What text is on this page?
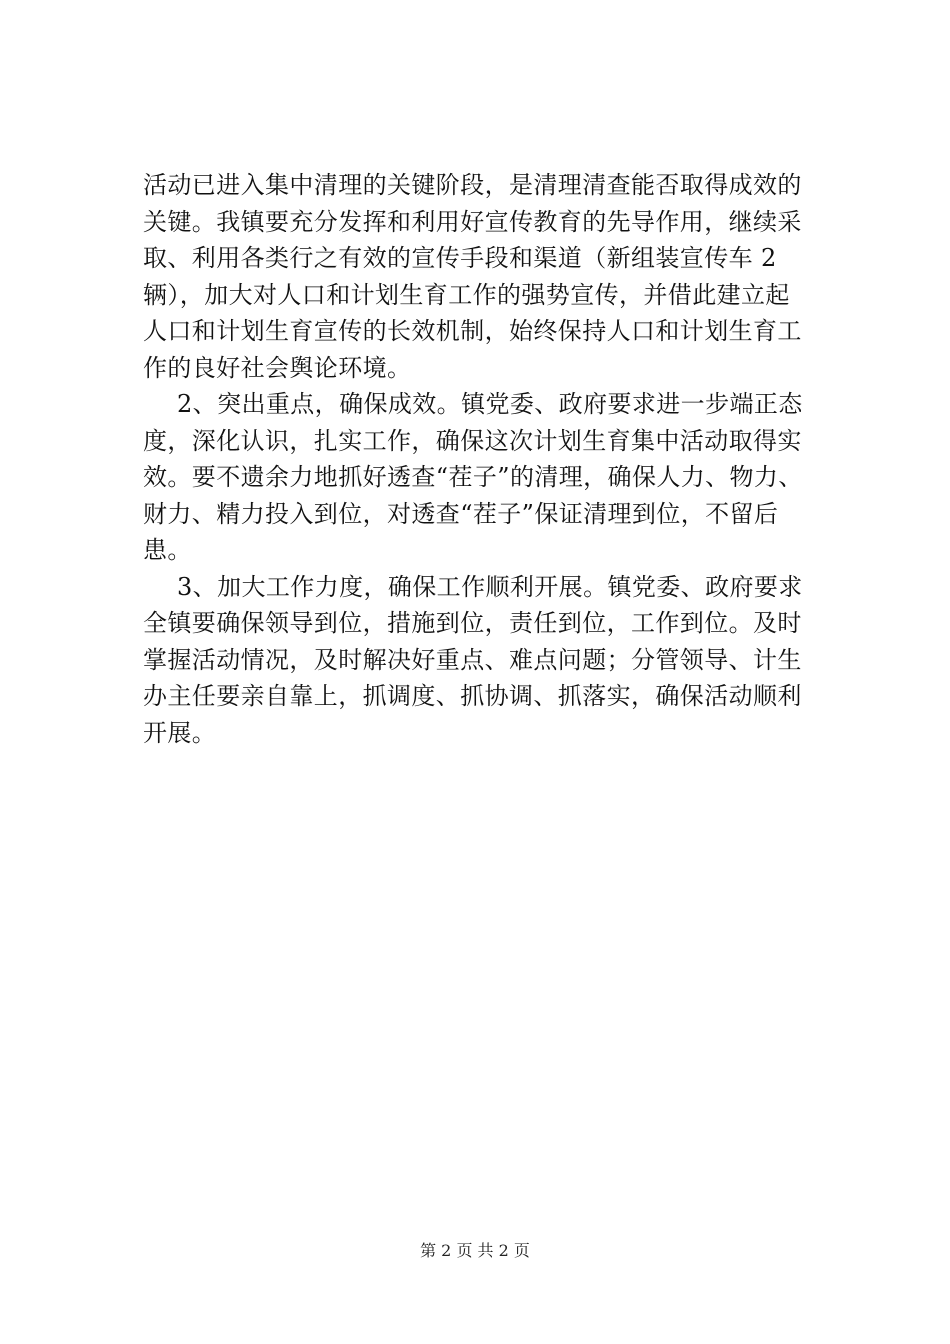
活动已进入集中清理的关键阶段，是清理清查能否取得成效的
关键。我镇要充分发挥和利用好宣传教育的先导作用，继续采
取、利用各类行之有效的宣传手段和渠道（新组装宣传车 2
辆），加大对人口和计划生育工作的强势宣传，并借此建立起
人口和计划生育宣传的长效机制，始终保持人口和计划生育工
作的良好社会舆论环境。
2、突出重点，确保成效。镇党委、政府要求进一步端正态
度，深化认识，扎实工作，确保这次计划生育集中活动取得实
效。要不遗余力地抓好透查“茬子”的清理，确保人力、物力、
财力、精力投入到位，对透查“茬子”保证清理到位，不留后
患。
3、加大工作力度，确保工作顺利开展。镇党委、政府要求
全镇要确保领导到位，措施到位，责任到位，工作到位。及时
掌握活动情况，及时解决好重点、难点问题；分管领导、计生
办主任要亲自靠上，抓调度、抓协调、抓落实，确保活动顺利
开展。
第 2 页 共 2 页
